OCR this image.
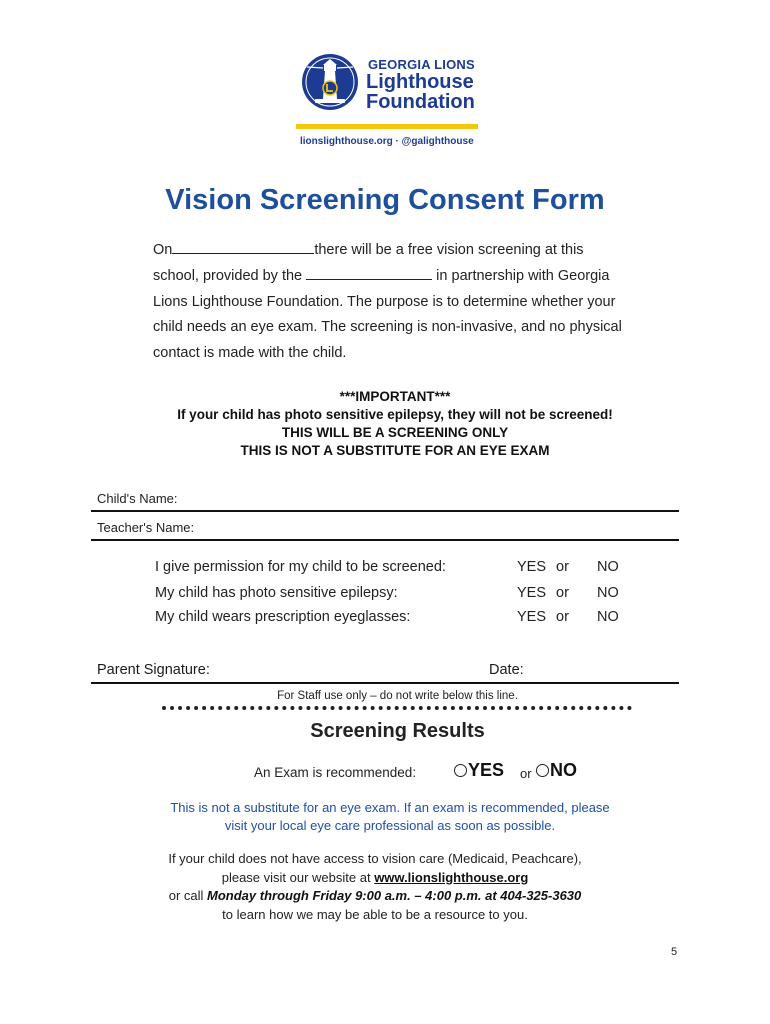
GEORGIA LIONS
Lighthouse
Foundation
lionslighthouse.org · @galighthouse
Vision Screening Consent Form
On	there will be a free vision screening at this school, provided by the	in partnership with Georgia Lions Lighthouse Foundation. The purpose is to determine whether your child needs an eye exam. The screening is non-invasive, and no physical contact is made with the child.
***IMPORTANT***
If your child has photo sensitive epilepsy, they will not be screened!
THIS WILL BE A SCREENING ONLY
THIS IS NOT A SUBSTITUTE FOR AN EYE EXAM
Child's Name:
Teacher's Name:
I give permission for my child to be screened:	YES or NO
My child has photo sensitive epilepsy:	YES or NO
My child wears prescription eyeglasses:	YES or NO
Parent Signature:	Date:
For Staff use only – do not write below this line.
Screening Results
An Exam is recommended:	YES or	NO
This is not a substitute for an eye exam. If an exam is recommended, please
visit your local eye care professional as soon as possible.
If your child does not have access to vision care (Medicaid, Peachcare),
please visit our website at www.lionslighthouse.org
or call Monday through Friday 9:00 a.m. – 4:00 p.m. at 404-325-3630
to learn how we may be able to be a resource to you.
5
